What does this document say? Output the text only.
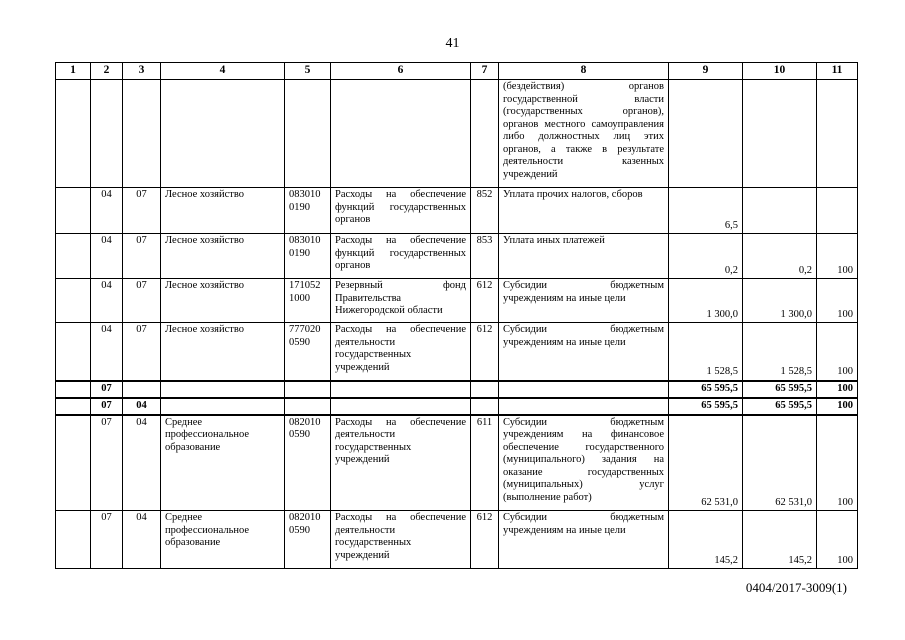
41
1	2	3	4	5	6	7	8	9	10	11
							(бездействия) органов государственной власти (государственных органов), органов местного самоуправления либо должностных лиц этих органов, а также в результате деятельности казенных учреждений			
	04	07	Лесное хозяйство	083010 0190	Расходы на обеспечение функций государственных органов	852	Уплата прочих налогов, сборов	6,5		
	04	07	Лесное хозяйство	083010 0190	Расходы на обеспечение функций государственных органов	853	Уплата иных платежей	0,2	0,2	100
	04	07	Лесное хозяйство	171052 1000	Резервный фонд Правительства Нижегородской области	612	Субсидии бюджетным учреждениям на иные цели	1 300,0	1 300,0	100
	04	07	Лесное хозяйство	777020 0590	Расходы на обеспечение деятельности государственных учреждений	612	Субсидии бюджетным учреждениям на иные цели	1 528,5	1 528,5	100
	07							65 595,5	65 595,5	100
	07	04						65 595,5	65 595,5	100
	07	04	Среднее профессиональное образование	082010 0590	Расходы на обеспечение деятельности государственных учреждений	611	Субсидии бюджетным учреждениям на финансовое обеспечение государственного (муниципального) задания на оказание государственных (муниципальных) услуг (выполнение работ)	62 531,0	62 531,0	100
	07	04	Среднее профессиональное образование	082010 0590	Расходы на обеспечение деятельности государственных учреждений	612	Субсидии бюджетным учреждениям на иные цели	145,2	145,2	100
0404/2017-3009(1)
